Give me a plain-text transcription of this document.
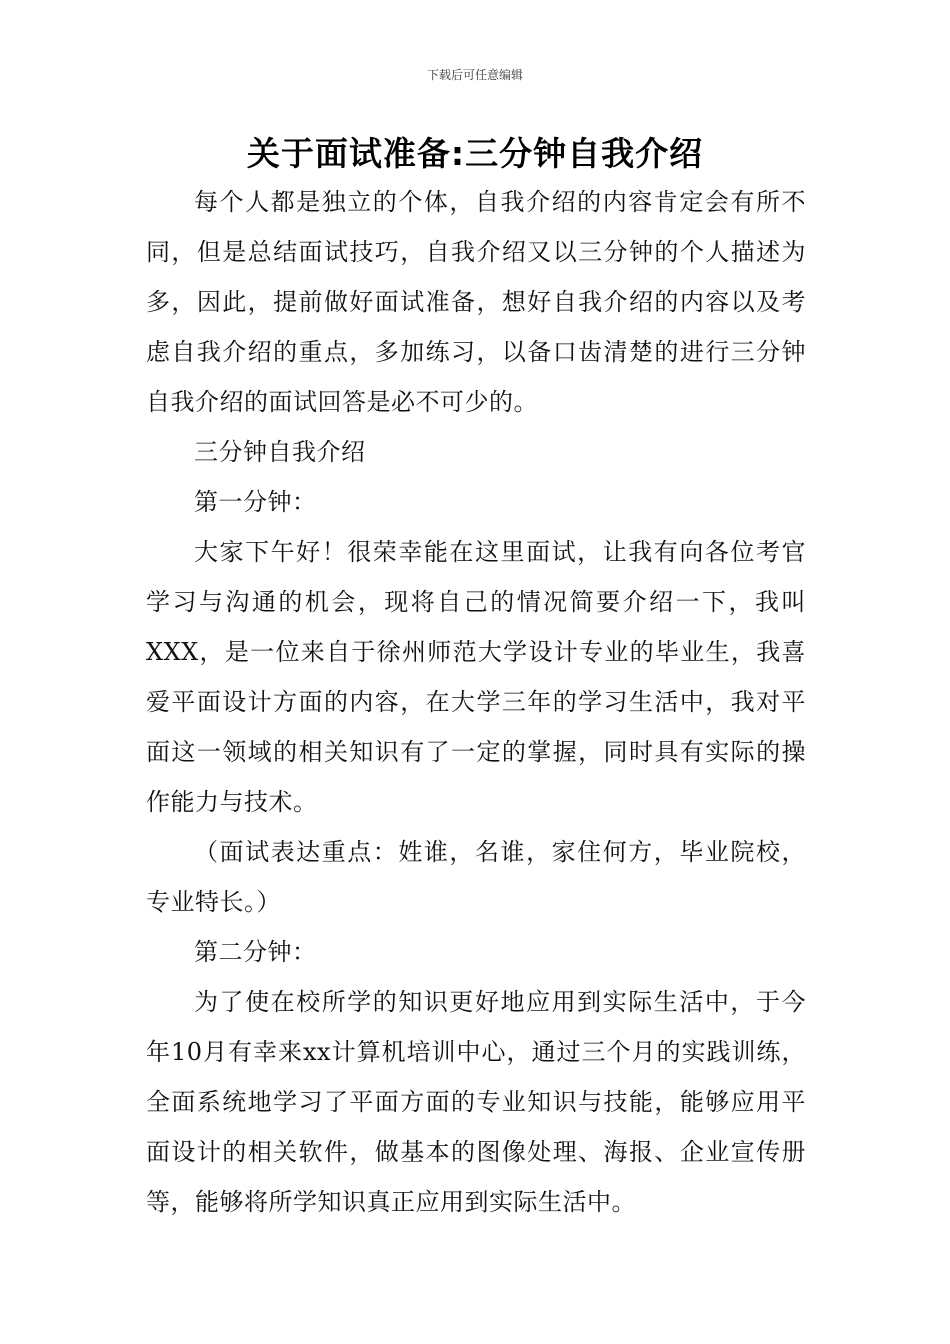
下载后可任意编辑
关于面试准备:三分钟自我介绍

每个人都是独立的个体，自我介绍的内容肯定会有所不同，但是总结面试技巧，自我介绍又以三分钟的个人描述为多，因此，提前做好面试准备，想好自我介绍的内容以及考虑自我介绍的重点，多加练习，以备口齿清楚的进行三分钟自我介绍的面试回答是必不可少的。

三分钟自我介绍

第一分钟：

大家下午好！很荣幸能在这里面试，让我有向各位考官学习与沟通的机会，现将自己的情况简要介绍一下，我叫XXX，是一位来自于徐州师范大学设计专业的毕业生，我喜爱平面设计方面的内容，在大学三年的学习生活中，我对平面这一领域的相关知识有了一定的掌握，同时具有实际的操作能力与技术。

（面试表达重点：姓谁，名谁，家住何方，毕业院校，专业特长。）

第二分钟：

为了使在校所学的知识更好地应用到实际生活中，于今年10月有幸来xx计算机培训中心，通过三个月的实践训练，全面系统地学习了平面方面的专业知识与技能，能够应用平面设计的相关软件，做基本的图像处理、海报、企业宣传册等，能够将所学知识真正应用到实际生活中。
